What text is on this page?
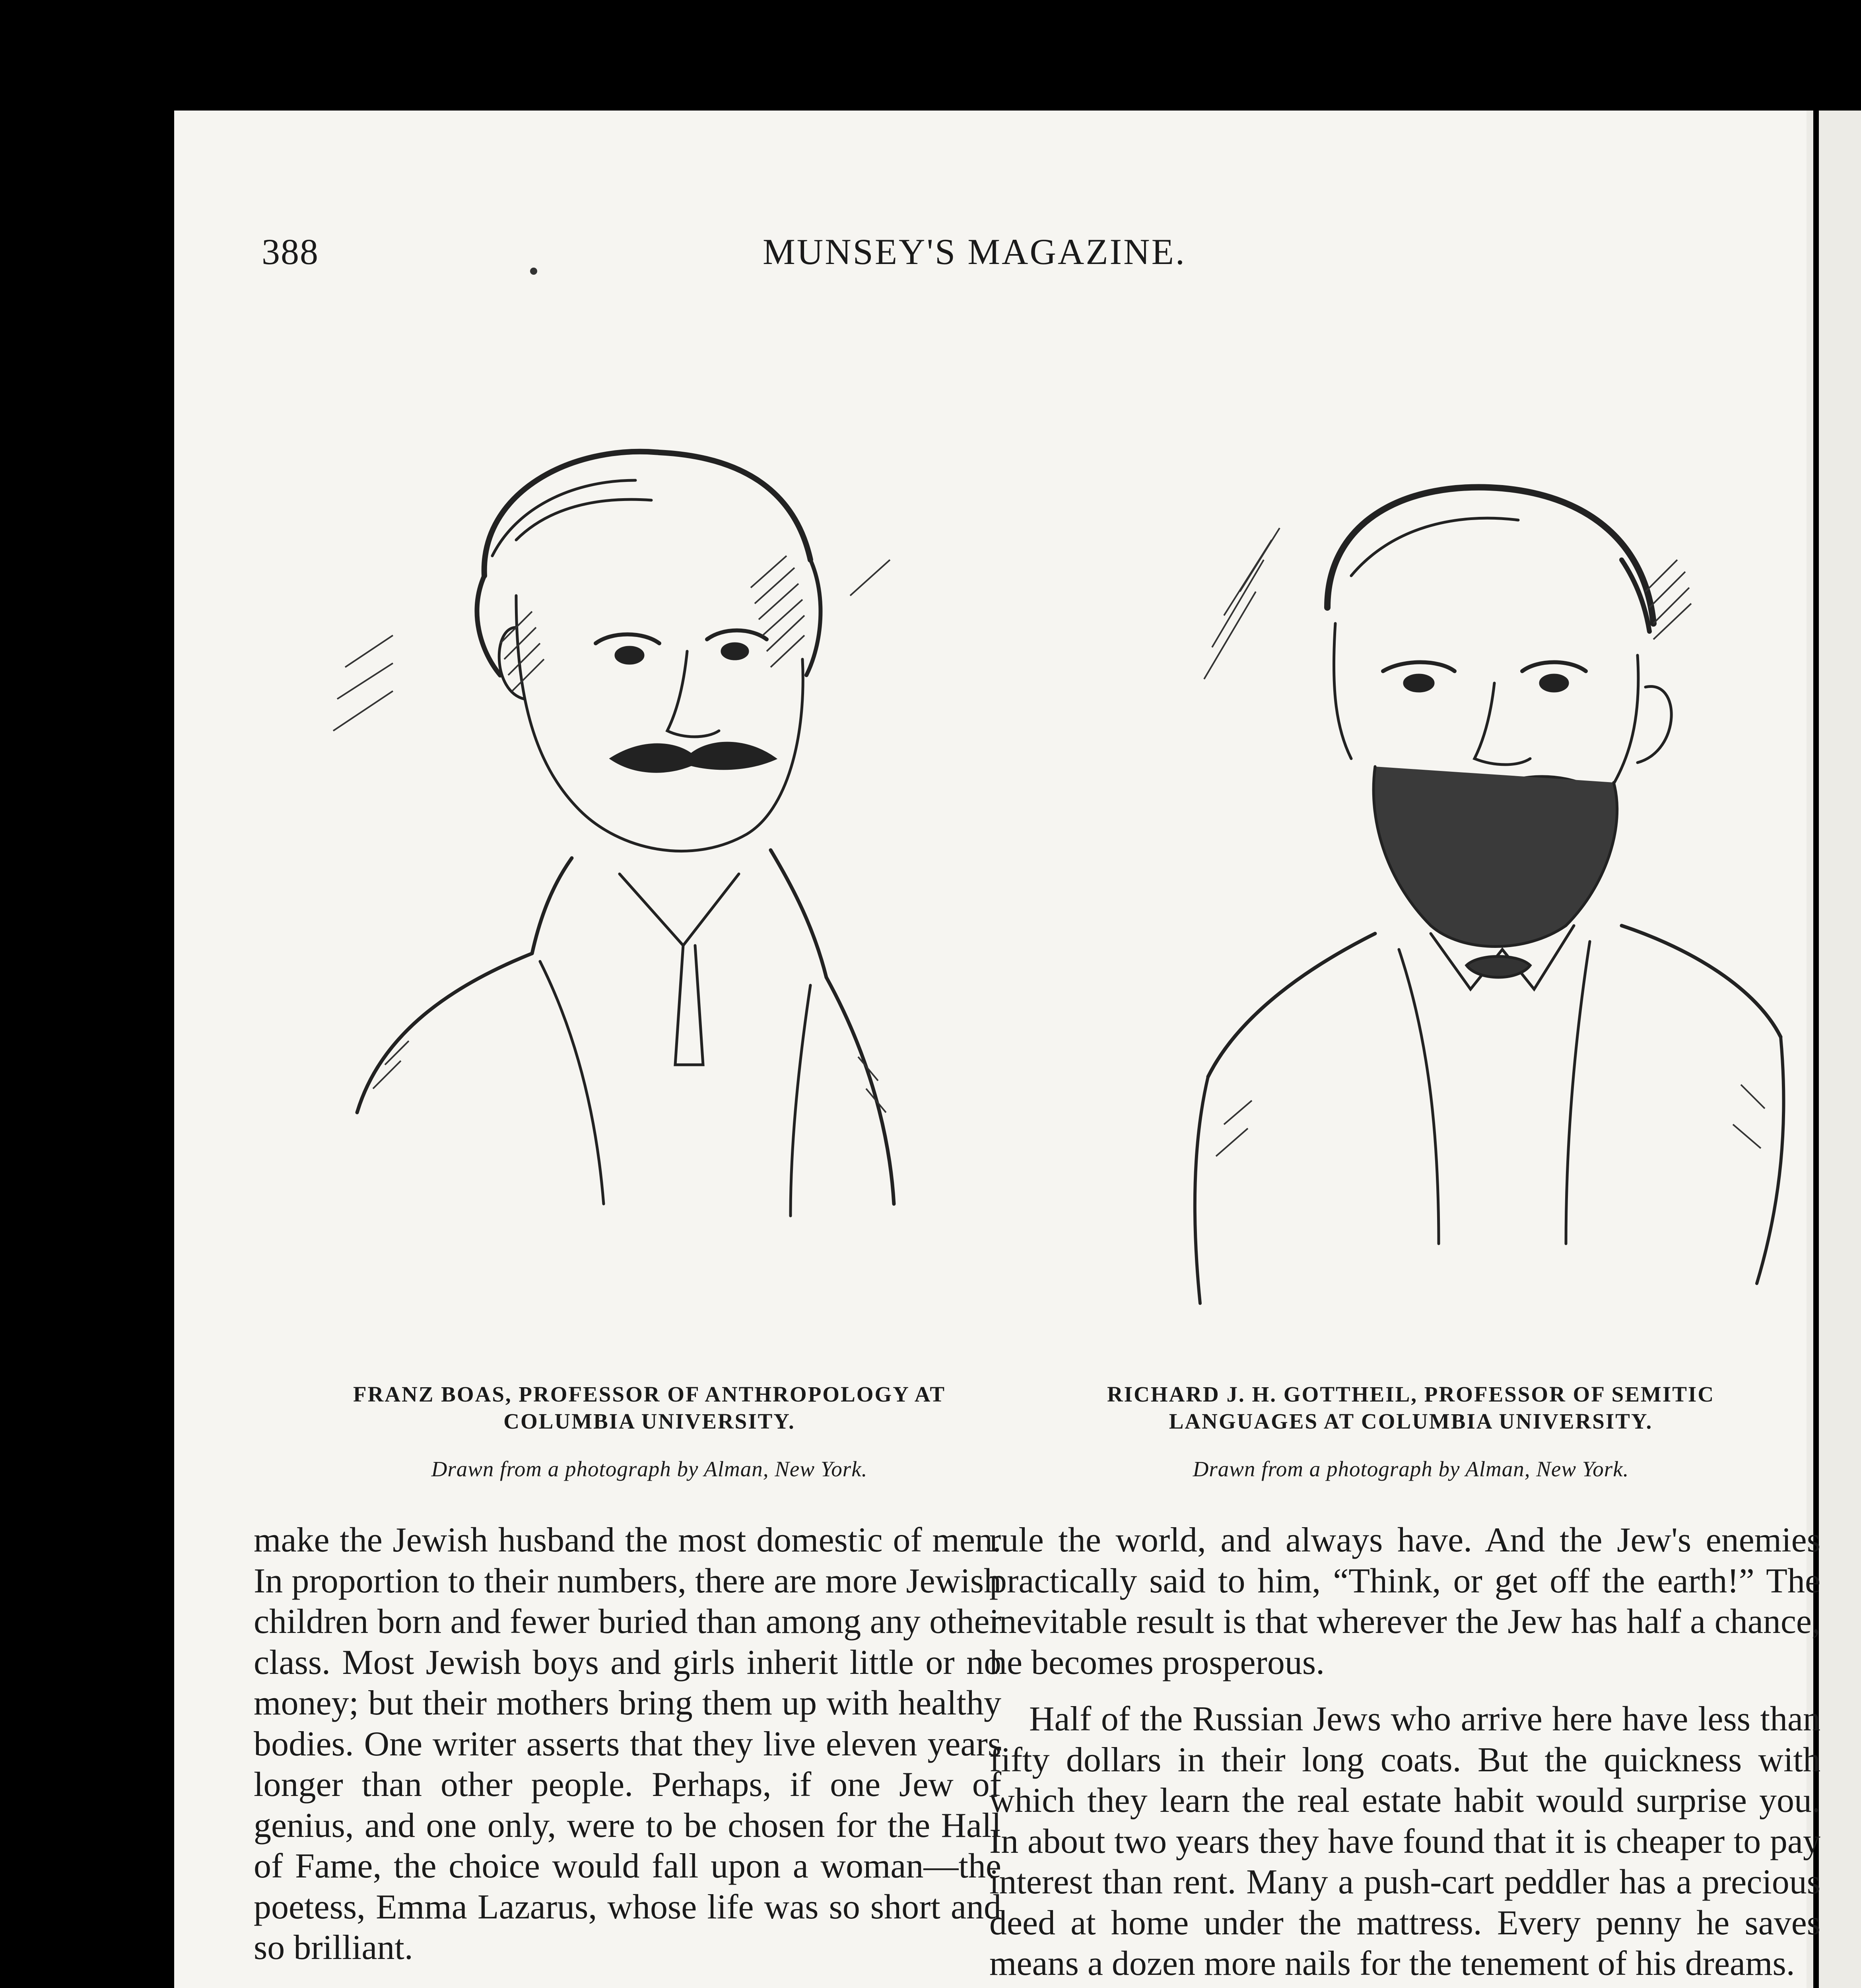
388	MUNSEY'S MAGAZINE.
FRANZ BOAS, PROFESSOR OF ANTHROPOLOGY AT
COLUMBIA UNIVERSITY.
Drawn from a photograph by Alman, New York.
RICHARD J. H. GOTTHEIL, PROFESSOR OF SEMITIC
LANGUAGES AT COLUMBIA UNIVERSITY.
Drawn from a photograph by Alman, New York.

make the Jewish husband the most domestic of men. In proportion to their numbers, there are more Jewish children born and fewer buried than among any other class. Most Jewish boys and girls inherit little or no money; but their mothers bring them up with healthy bodies. One writer asserts that they live eleven years longer than other people. Perhaps, if one Jew of genius, and one only, were to be chosen for the Hall of Fame, the choice would fall upon a woman—the poetess, Emma Lazarus, whose life was so short and so brilliant.

rule the world, and always have. And the Jew's enemies practically said to him, “Think, or get off the earth!” The inevitable result is that wherever the Jew has half a chance, he becomes prosperous.

Half of the Russian Jews who arrive here have less than fifty dollars in their long coats. But the quickness with which they learn the real estate habit would surprise you. In about two years they have found that it is cheaper to pay interest than rent. Many a push-cart peddler has a precious deed at home under the mattress. Every penny he saves means a dozen more nails for the tenement of his dreams.
